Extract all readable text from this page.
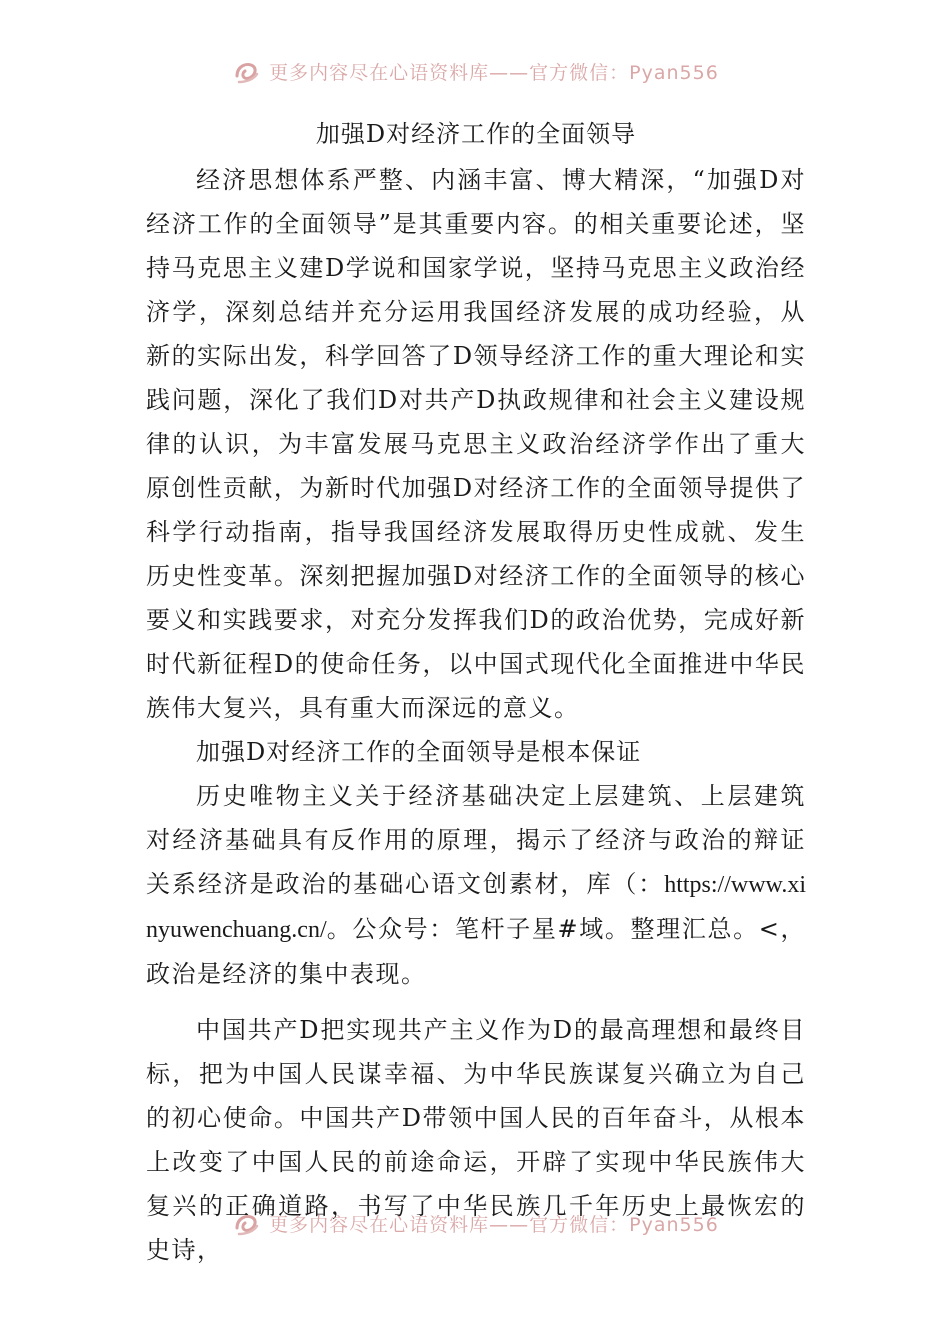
更多内容尽在心语资料库——官方微信：Pyan556

加强D对经济工作的全面领导

经济思想体系严整、内涵丰富、博大精深，“加强D对经济工作的全面领导”是其重要内容。的相关重要论述，坚持马克思主义建D学说和国家学说，坚持马克思主义政治经济学，深刻总结并充分运用我国经济发展的成功经验，从新的实际出发，科学回答了D领导经济工作的重大理论和实践问题，深化了我们D对共产D执政规律和社会主义建设规律的认识，为丰富发展马克思主义政治经济学作出了重大原创性贡献，为新时代加强D对经济工作的全面领导提供了科学行动指南，指导我国经济发展取得历史性成就、发生历史性变革。深刻把握加强D对经济工作的全面领导的核心要义和实践要求，对充分发挥我们D的政治优势，完成好新时代新征程D的使命任务，以中国式现代化全面推进中华民族伟大复兴，具有重大而深远的意义。

加强D对经济工作的全面领导是根本保证

历史唯物主义关于经济基础决定上层建筑、上层建筑对经济基础具有反作用的原理，揭示了经济与政治的辩证关系经济是政治的基础心语文创素材，库（：https://www.xinyuwenchuang.cn/。公众号：笔杆子星#域。整理汇总。<，政治是经济的集中表现。

中国共产D把实现共产主义作为D的最高理想和最终目标，把为中国人民谋幸福、为中华民族谋复兴确立为自己的初心使命。中国共产D带领中国人民的百年奋斗，从根本上改变了中国人民的前途命运，开辟了实现中华民族伟大复兴的正确道路，书写了中华民族几千年历史上最恢宏的史诗，

更多内容尽在心语资料库——官方微信：Pyan556
